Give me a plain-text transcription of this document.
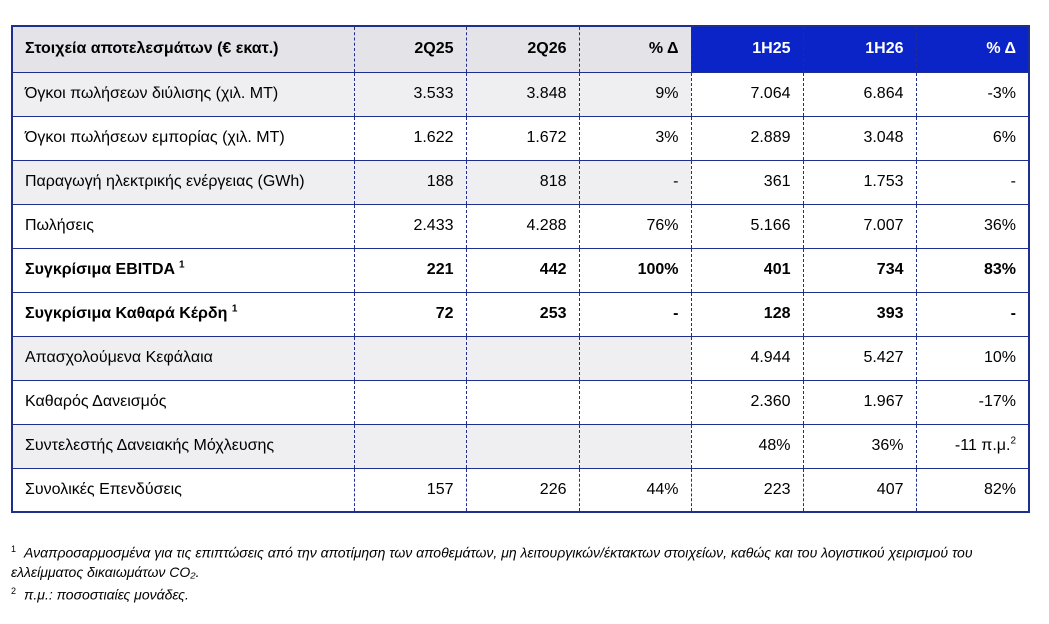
Στοιχεία αποτελεσμάτων (€ εκατ.)	2Q25	2Q26	% Δ	1H25	1H26	% Δ
Όγκοι πωλήσεων διύλισης (χιλ. ΜΤ)	3.533	3.848	9%	7.064	6.864	-3%
Όγκοι πωλήσεων εμπορίας (χιλ. ΜΤ)	1.622	1.672	3%	2.889	3.048	6%
Παραγωγή ηλεκτρικής ενέργειας (GWh)	188	818	-	361	1.753	-
Πωλήσεις	2.433	4.288	76%	5.166	7.007	36%
Συγκρίσιμα EBITDA $^1$	221	442	100%	401	734	83%
Συγκρίσιμα Καθαρά Κέρδη $^1$	72	253	-	128	393	-
Απασχολούμενα Κεφάλαια				4.944	5.427	10%
Καθαρός Δανεισμός				2.360	1.967	-17%
Συντελεστής Δανειακής Μόχλευσης				48%	36%	-11 π.μ.$^2$
Συνολικές Επενδύσεις	157	226	44%	223	407	82%

$^1$ Αναπροσαρμοσμένα για τις επιπτώσεις από την αποτίμηση των αποθεμάτων, μη λειτουργικών/έκτακτων στοιχείων, καθώς και του λογιστικού χειρισμού του ελλείμματος δικαιωμάτων CO₂.

$^2$ π.μ.: ποσοστιαίες μονάδες.
